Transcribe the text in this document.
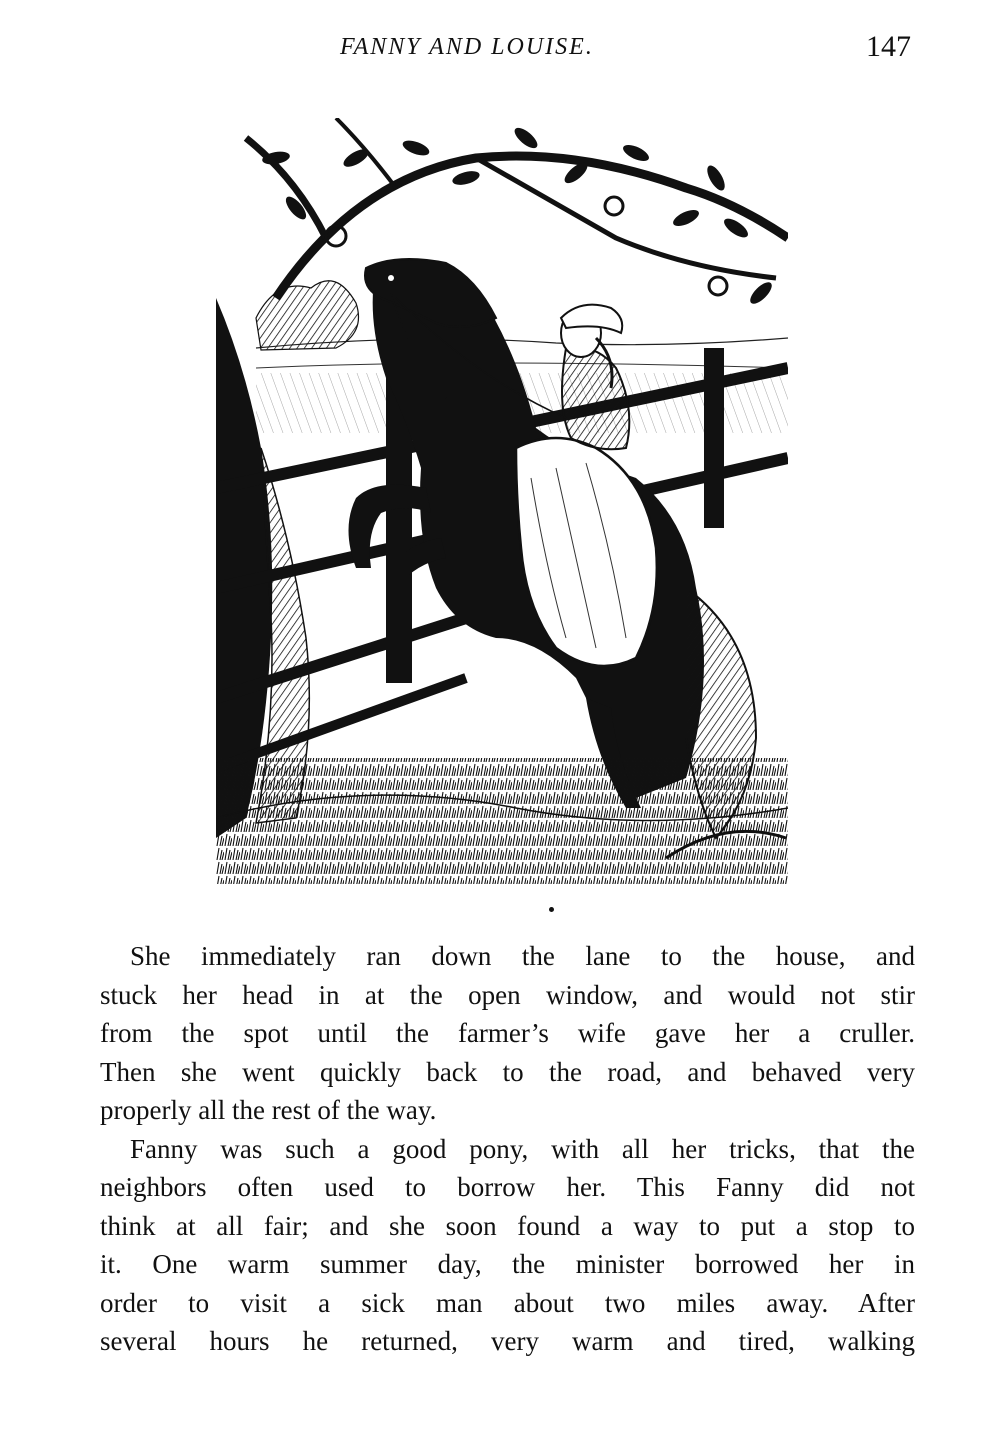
FANNY AND LOUISE.	147

She immediately ran down the lane to the house, and
stuck her head in at the open window, and would not stir
from the spot until the farmer’s wife gave her a cruller.
Then she went quickly back to the road, and behaved very
properly all the rest of the way.

Fanny was such a good pony, with all her tricks, that the
neighbors often used to borrow her. This Fanny did not
think at all fair; and she soon found a way to put a stop to
it. One warm summer day, the minister borrowed her in
order to visit a sick man about two miles away. After
several hours he returned, very warm and tired, walking
